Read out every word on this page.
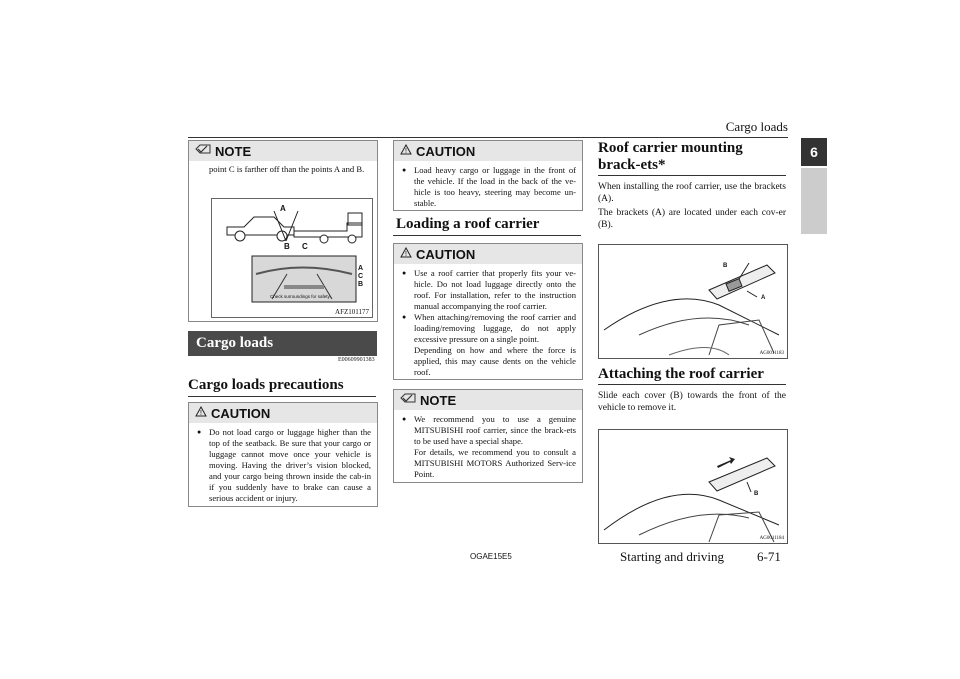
Cargo loads
6
NOTE
point C is farther off than the points A and B.
A
B C
A
C
B
Check surroundings for safety.
AFZ101177
Cargo loads
E00609901383
Cargo loads precautions
! CAUTION
● Do not load cargo or luggage higher than the top of the seatback. Be sure that your cargo or luggage cannot move once your vehicle is moving. Having the driver’s vision blocked, and your cargo being thrown inside the cab-in if you suddenly have to brake can cause a serious accident or injury.
! CAUTION
● Load heavy cargo or luggage in the front of the vehicle. If the load in the back of the ve-hicle is too heavy, steering may become un-stable.
Loading a roof carrier
! CAUTION
● Use a roof carrier that properly fits your ve-hicle. Do not load luggage directly onto the roof. For installation, refer to the instruction manual accompanying the roof carrier.
● When attaching/removing the roof carrier and loading/removing luggage, do not apply excessive pressure on a single point.
Depending on how and where the force is applied, this may cause dents on the vehicle roof.
NOTE
● We recommend you to use a genuine MITSUBISHI roof carrier, since the brack-ets to be used have a special shape.
For details, we recommend you to consult a MITSUBISHI MOTORS Authorized Serv-ice Point.
Roof carrier mounting brack-ets*
When installing the roof carrier, use the brackets (A).
The brackets (A) are located under each cov-er (B).
B
A
AG0011183
Attaching the roof carrier
Slide each cover (B) towards the front of the vehicle to remove it.
B
AG0011184
OGAE15E5	Starting and driving	6-71
